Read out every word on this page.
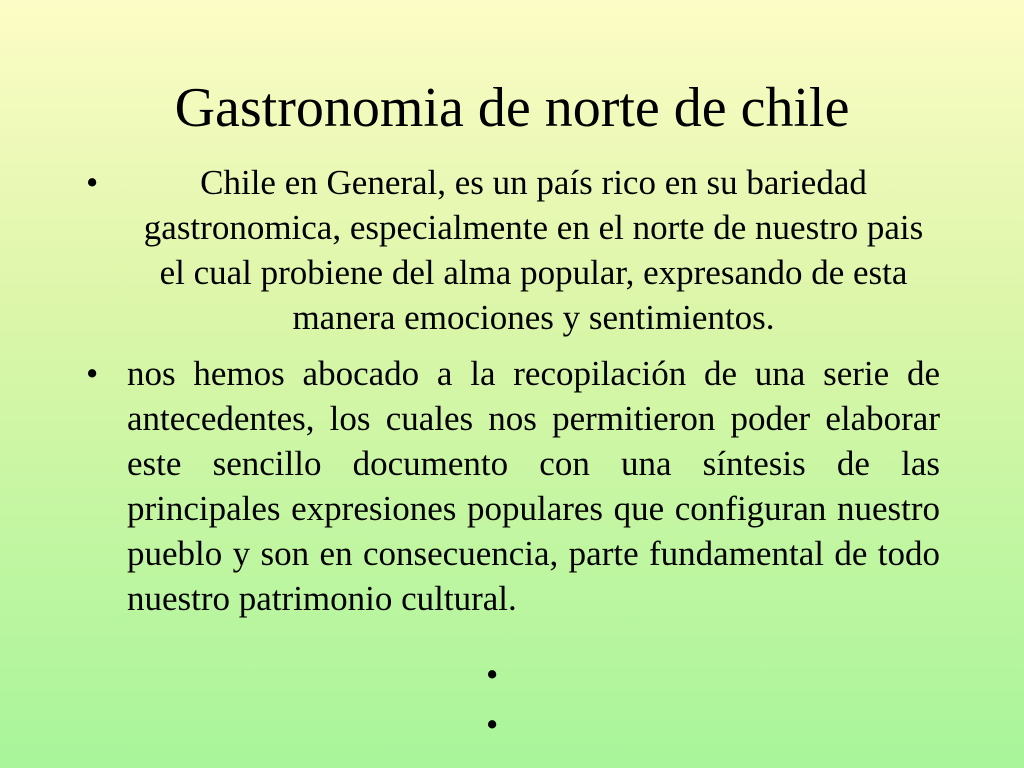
Gastronomia de norte de chile
•	Chile en General, es un país rico en su bariedad gastronomica, especialmente en el norte de nuestro pais el cual probiene del alma popular, expresando de esta manera emociones y sentimientos.
• nos hemos abocado a la recopilación de una serie de antecedentes, los cuales nos permitieron poder elaborar este sencillo documento con una síntesis de las principales expresiones populares que configuran nuestro pueblo y son en consecuencia, parte fundamental de todo nuestro patrimonio cultural.
•
•
